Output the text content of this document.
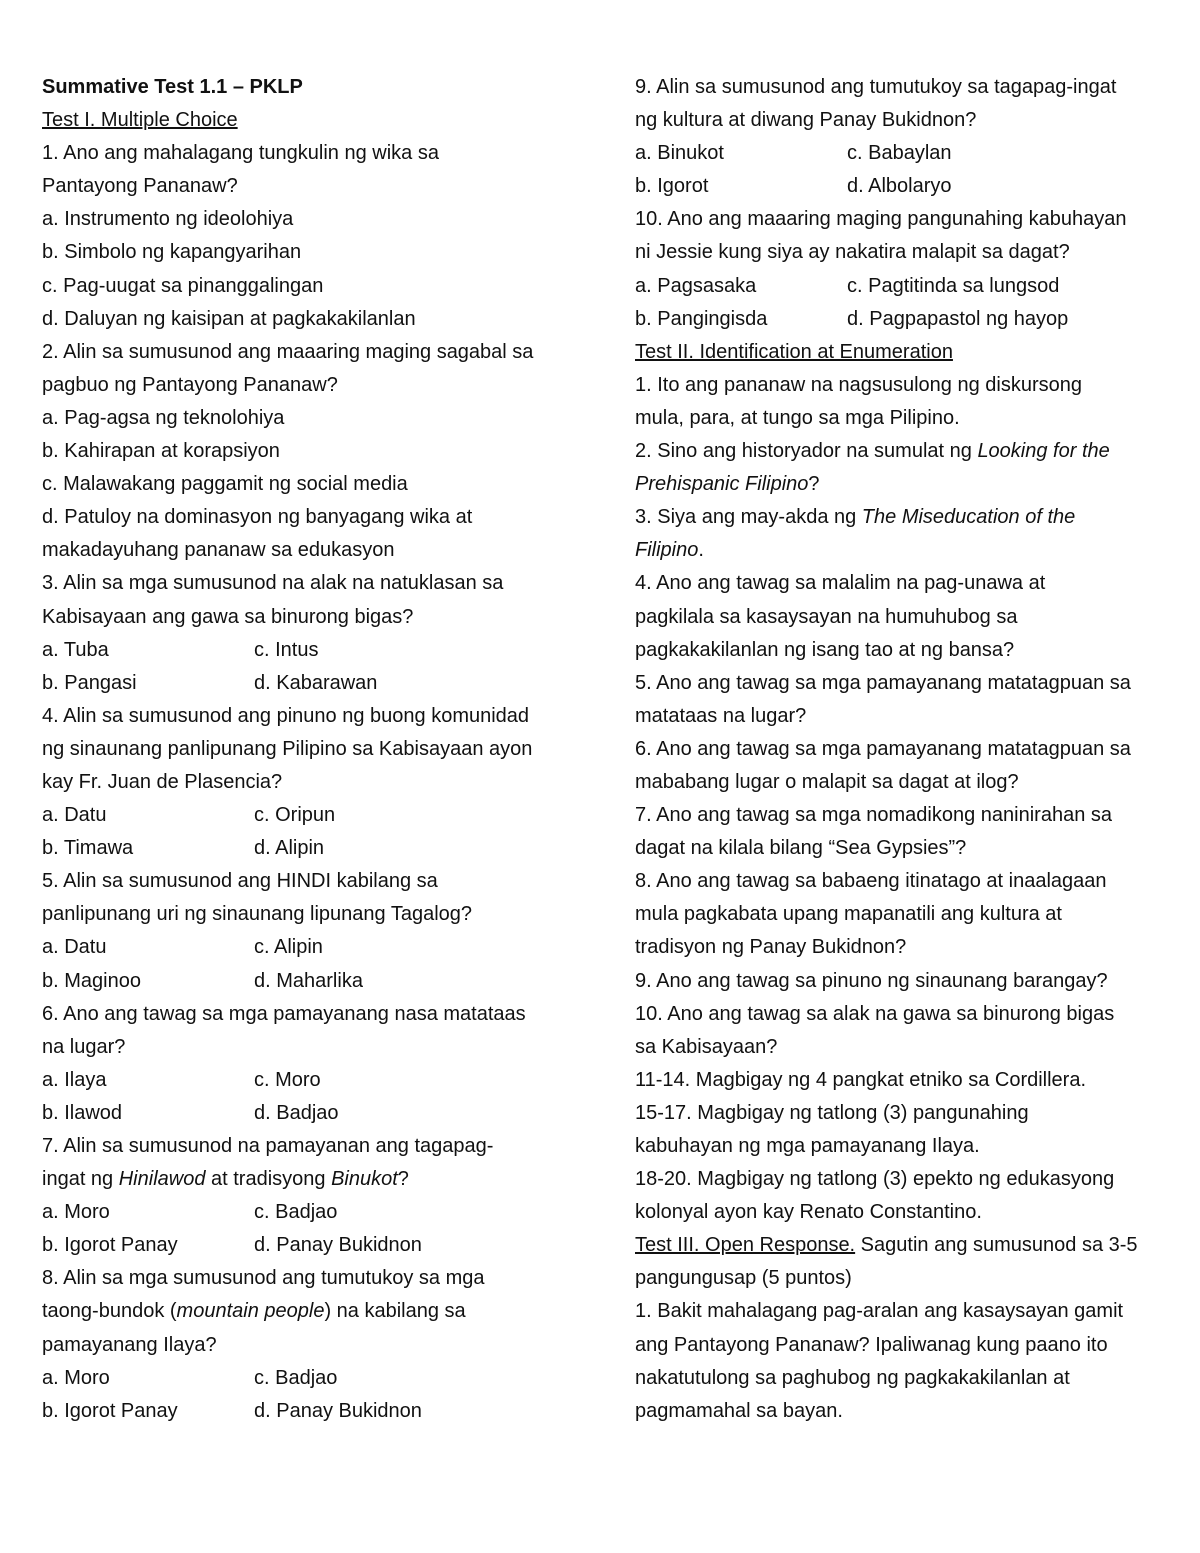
Summative Test 1.1 – PKLP
Test I. Multiple Choice
1. Ano ang mahalagang tungkulin ng wika sa
Pantayong Pananaw?
a. Instrumento ng ideolohiya
b. Simbolo ng kapangyarihan
c. Pag-uugat sa pinanggalingan
d. Daluyan ng kaisipan at pagkakakilanlan
2. Alin sa sumusunod ang maaaring maging sagabal sa
pagbuo ng Pantayong Pananaw?
a. Pag-agsa ng teknolohiya
b. Kahirapan at korapsiyon
c. Malawakang paggamit ng social media
d. Patuloy na dominasyon ng banyagang wika at
makadayuhang pananaw sa edukasyon
3. Alin sa mga sumusunod na alak na natuklasan sa
Kabisayaan ang gawa sa binurong bigas?
a. Tuba	c. Intus
b. Pangasi	d. Kabarawan
4. Alin sa sumusunod ang pinuno ng buong komunidad
ng sinaunang panlipunang Pilipino sa Kabisayaan ayon
kay Fr. Juan de Plasencia?
a. Datu	c. Oripun
b. Timawa	d. Alipin
5. Alin sa sumusunod ang HINDI kabilang sa
panlipunang uri ng sinaunang lipunang Tagalog?
a. Datu	c. Alipin
b. Maginoo	d. Maharlika
6. Ano ang tawag sa mga pamayanang nasa matataas
na lugar?
a. Ilaya	c. Moro
b. Ilawod	d. Badjao
7. Alin sa sumusunod na pamayanan ang tagapag-
ingat ng Hinilawod at tradisyong Binukot?
a. Moro	c. Badjao
b. Igorot Panay	d. Panay Bukidnon
8. Alin sa mga sumusunod ang tumutukoy sa mga
taong-bundok (mountain people) na kabilang sa
pamayanang Ilaya?
a. Moro	c. Badjao
b. Igorot Panay	d. Panay Bukidnon
9. Alin sa sumusunod ang tumutukoy sa tagapag-ingat
ng kultura at diwang Panay Bukidnon?
a. Binukot	c. Babaylan
b. Igorot	d. Albolaryo
10. Ano ang maaaring maging pangunahing kabuhayan
ni Jessie kung siya ay nakatira malapit sa dagat?
a. Pagsasaka	c. Pagtitinda sa lungsod
b. Pangingisda	d. Pagpapastol ng hayop
Test II. Identification at Enumeration
1. Ito ang pananaw na nagsusulong ng diskursong
mula, para, at tungo sa mga Pilipino.
2. Sino ang historyador na sumulat ng Looking for the
Prehispanic Filipino?
3. Siya ang may-akda ng The Miseducation of the
Filipino.
4. Ano ang tawag sa malalim na pag-unawa at
pagkilala sa kasaysayan na humuhubog sa
pagkakakilanlan ng isang tao at ng bansa?
5. Ano ang tawag sa mga pamayanang matatagpuan sa
matataas na lugar?
6. Ano ang tawag sa mga pamayanang matatagpuan sa
mababang lugar o malapit sa dagat at ilog?
7. Ano ang tawag sa mga nomadikong naninirahan sa
dagat na kilala bilang “Sea Gypsies”?
8. Ano ang tawag sa babaeng itinatago at inaalagaan
mula pagkabata upang mapanatili ang kultura at
tradisyon ng Panay Bukidnon?
9. Ano ang tawag sa pinuno ng sinaunang barangay?
10. Ano ang tawag sa alak na gawa sa binurong bigas
sa Kabisayaan?
11-14. Magbigay ng 4 pangkat etniko sa Cordillera.
15-17. Magbigay ng tatlong (3) pangunahing
kabuhayan ng mga pamayanang Ilaya.
18-20. Magbigay ng tatlong (3) epekto ng edukasyong
kolonyal ayon kay Renato Constantino.
Test III. Open Response. Sagutin ang sumusunod sa 3-5
pangungusap (5 puntos)
1. Bakit mahalagang pag-aralan ang kasaysayan gamit
ang Pantayong Pananaw? Ipaliwanag kung paano ito
nakatutulong sa paghubog ng pagkakakilanlan at
pagmamahal sa bayan.
